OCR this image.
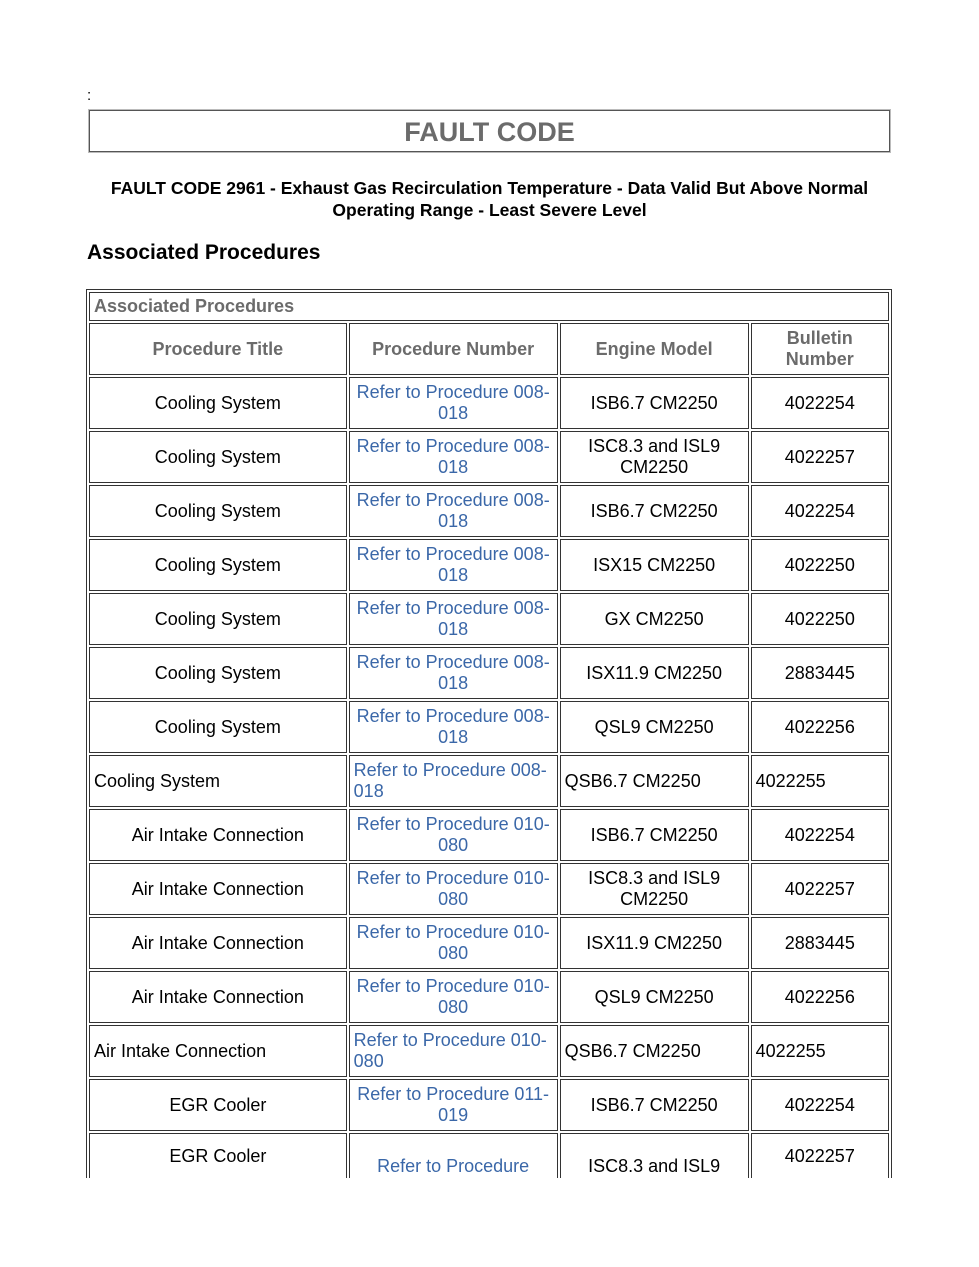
:
FAULT CODE
FAULT CODE 2961 - Exhaust Gas Recirculation Temperature - Data Valid But Above Normal Operating Range - Least Severe Level
Associated Procedures
Associated Procedures			
Procedure Title	Procedure Number	Engine Model	Bulletin Number
Cooling System	Refer to Procedure 008-018	ISB6.7 CM2250	4022254
Cooling System	Refer to Procedure 008-018	ISC8.3 and ISL9 CM2250	4022257
Cooling System	Refer to Procedure 008-018	ISB6.7 CM2250	4022254
Cooling System	Refer to Procedure 008-018	ISX15 CM2250	4022250
Cooling System	Refer to Procedure 008-018	GX CM2250	4022250
Cooling System	Refer to Procedure 008-018	ISX11.9 CM2250	2883445
Cooling System	Refer to Procedure 008-018	QSL9 CM2250	4022256
Cooling System	Refer to Procedure 008-018	QSB6.7 CM2250	4022255
Air Intake Connection	Refer to Procedure 010-080	ISB6.7 CM2250	4022254
Air Intake Connection	Refer to Procedure 010-080	ISC8.3 and ISL9 CM2250	4022257
Air Intake Connection	Refer to Procedure 010-080	ISX11.9 CM2250	2883445
Air Intake Connection	Refer to Procedure 010-080	QSL9 CM2250	4022256
Air Intake Connection	Refer to Procedure 010-080	QSB6.7 CM2250	4022255
EGR Cooler	Refer to Procedure 011-019	ISB6.7 CM2250	4022254
EGR Cooler	Refer to Procedure	ISC8.3 and ISL9	4022257
